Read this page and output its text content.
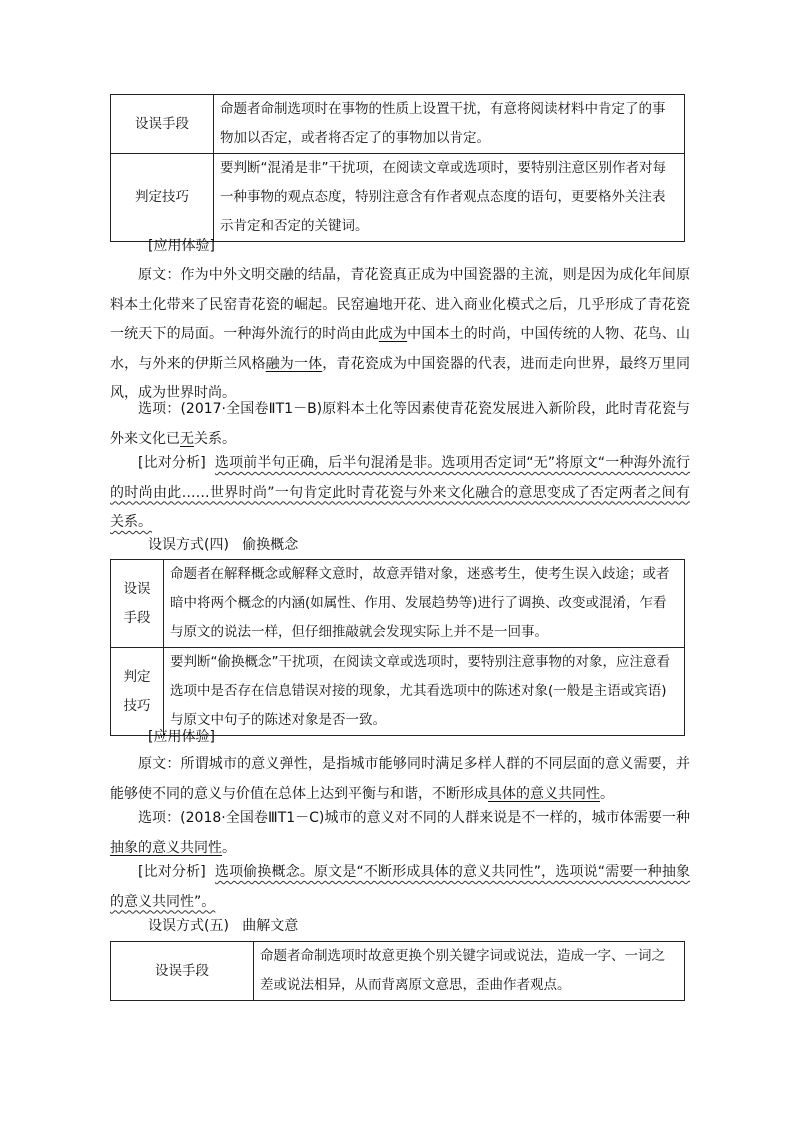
设误手段	命题者命制选项时在事物的性质上设置干扰，有意将阅读材料中肯定了的事物加以否定，或者将否定了的事物加以肯定。
判定技巧	要判断“混淆是非”干扰项，在阅读文章或选项时，要特别注意区别作者对每一种事物的观点态度，特别注意含有作者观点态度的语句，更要格外关注表示肯定和否定的关键词。
[应用体验]
原文：作为中外文明交融的结晶，青花瓷真正成为中国瓷器的主流，则是因为成化年间原料本土化带来了民窑青花瓷的崛起。民窑遍地开花、进入商业化模式之后，几乎形成了青花瓷一统天下的局面。一种海外流行的时尚由此成为中国本土的时尚，中国传统的人物、花鸟、山水，与外来的伊斯兰风格融为一体，青花瓷成为中国瓷器的代表，进而走向世界，最终万里同风，成为世界时尚。
选项：(2017·全国卷ⅡT1－B)原料本土化等因素使青花瓷发展进入新阶段，此时青花瓷与外来文化已无关系。
[比对分析] 选项前半句正确，后半句混淆是非。选项用否定词“无”将原文“一种海外流行的时尚由此……世界时尚”一句肯定此时青花瓷与外来文化融合的意思变成了否定两者之间有关系。
设误方式(四) 偷换概念
设误手段	命题者在解释概念或解释文意时，故意弄错对象，迷惑考生，使考生误入歧途；或者暗中将两个概念的内涵(如属性、作用、发展趋势等)进行了调换、改变或混淆，乍看与原文的说法一样，但仔细推敲就会发现实际上并不是一回事。
判定技巧	要判断“偷换概念”干扰项，在阅读文章或选项时，要特别注意事物的对象，应注意看选项中是否存在信息错误对接的现象，尤其看选项中的陈述对象(一般是主语或宾语)与原文中句子的陈述对象是否一致。
[应用体验]
原文：所谓城市的意义弹性，是指城市能够同时满足多样人群的不同层面的意义需要，并能够使不同的意义与价值在总体上达到平衡与和谐，不断形成具体的意义共同性。
选项：(2018·全国卷ⅢT1－C)城市的意义对不同的人群来说是不一样的，城市体需要一种抽象的意义共同性。
[比对分析] 选项偷换概念。原文是“不断形成具体的意义共同性”，选项说“需要一种抽象的意义共同性”。
设误方式(五) 曲解文意
设误手段	命题者命制选项时故意更换个别关键字词或说法，造成一字、一词之差或说法相异，从而背离原文意思，歪曲作者观点。
